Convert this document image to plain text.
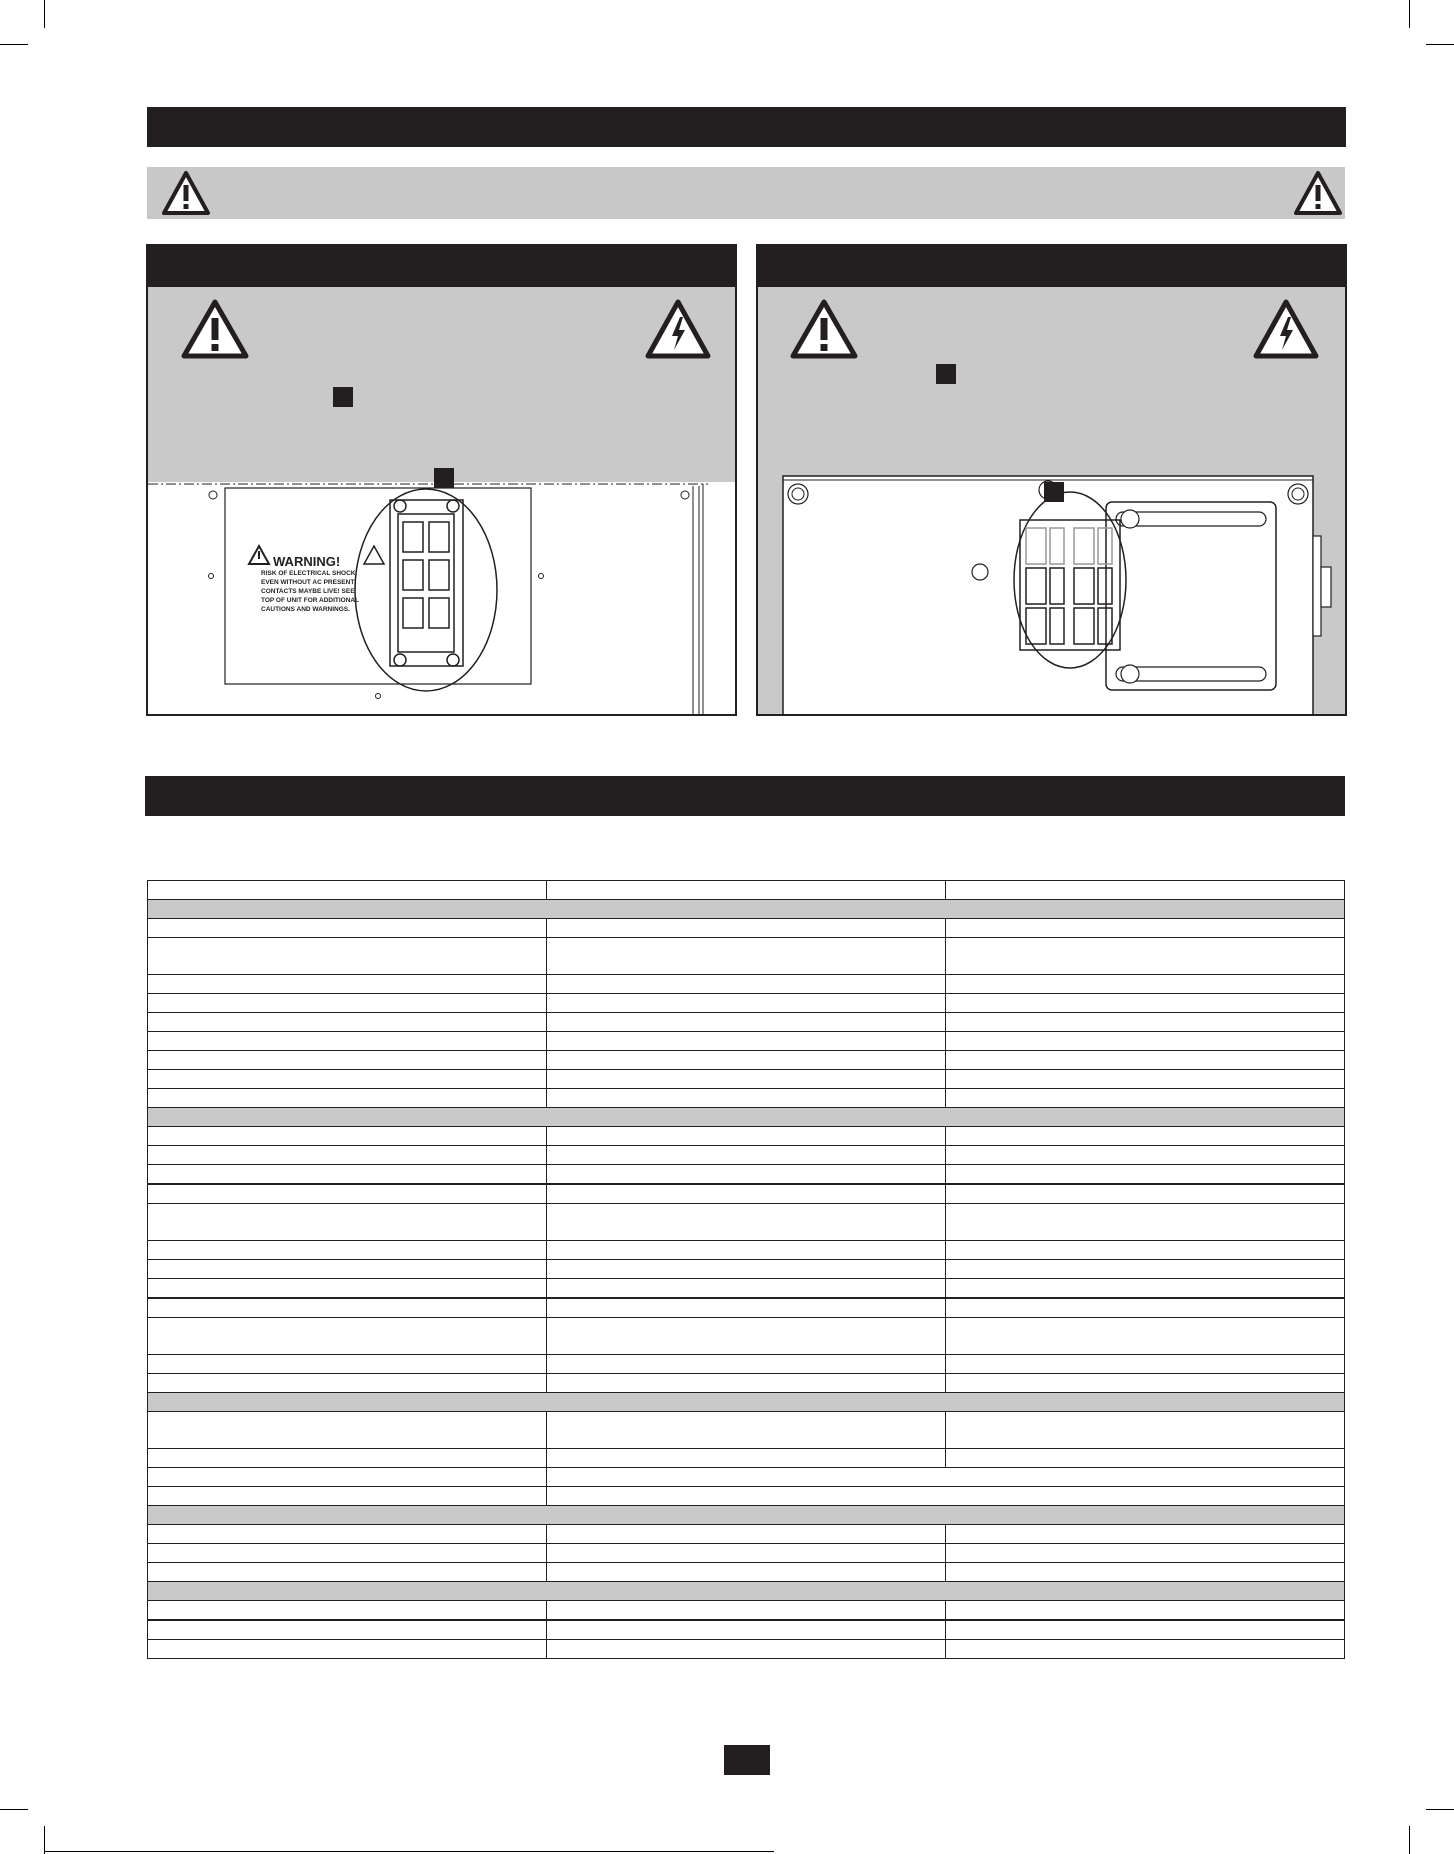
WARNING!
RISK OF ELECTRICAL SHOCK
EVEN WITHOUT AC PRESENT
CONTACTS MAYBE LIVE! SEE
TOP OF UNIT FOR ADDITIONAL
CAUTIONS AND WARNINGS.
